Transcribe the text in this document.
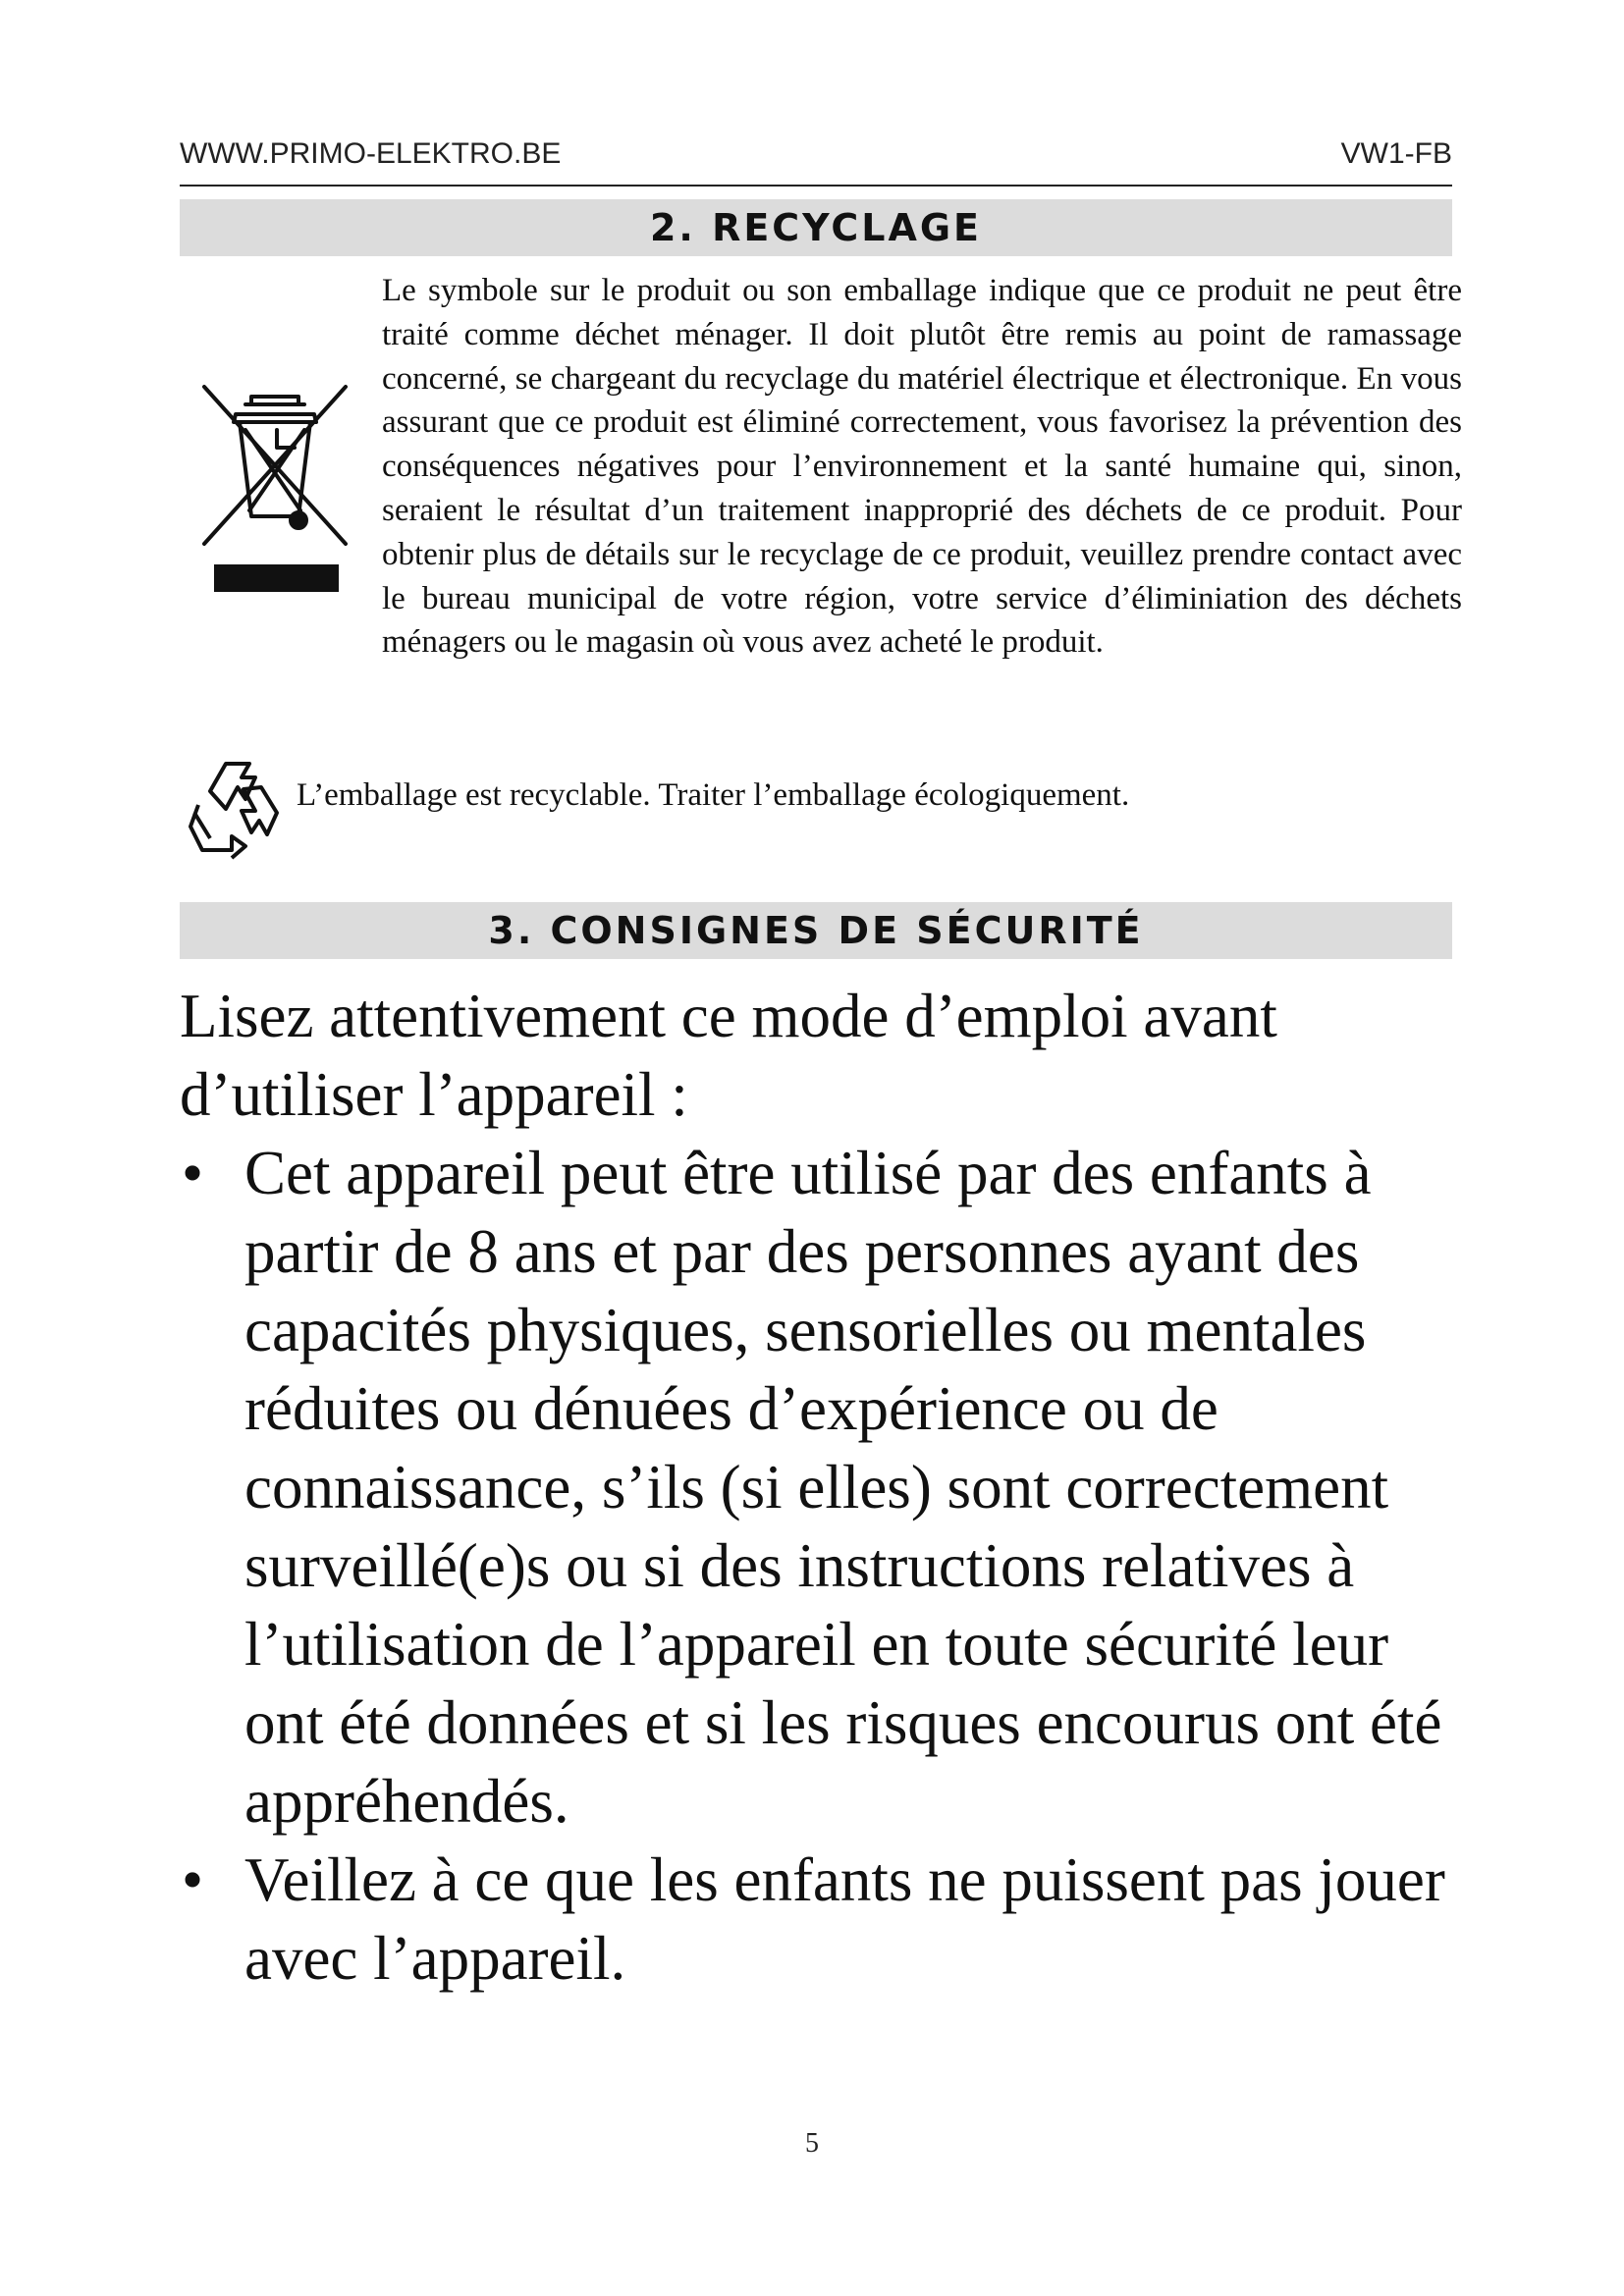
WWW.PRIMO-ELEKTRO.BE	VW1-FB
2. RECYCLAGE

Le symbole sur le produit ou son emballage indique que ce produit ne peut être traité comme déchet ménager. Il doit plutôt être remis au point de ramassage concerné, se chargeant du recyclage du matériel électrique et électronique. En vous assurant que ce produit est éliminé correctement, vous favorisez la prévention des conséquences négatives pour l’environnement et la santé humaine qui, sinon, seraient le résultat d’un traitement inapproprié des déchets de ce produit. Pour obtenir plus de détails sur le recyclage de ce produit, veuillez prendre contact avec le bureau municipal de votre région, votre service d’éliminiation des déchets ménagers ou le magasin où vous avez acheté le produit.

L’emballage est recyclable. Traiter l’emballage écologiquement.
3. CONSIGNES DE SÉCURITÉ

Lisez attentivement ce mode d’emploi avant d’utiliser l’appareil :

• Cet appareil peut être utilisé par des enfants à partir de 8 ans et par des personnes ayant des capacités physiques, sensorielles ou mentales réduites ou dénuées d’expérience ou de connaissance, s’ils (si elles) sont correctement surveillé(e)s ou si des instructions relatives à l’utilisation de l’appareil en toute sécurité leur ont été données et si les risques encourus ont été appréhendés.
• Veillez à ce que les enfants ne puissent pas jouer avec l’appareil.
5
